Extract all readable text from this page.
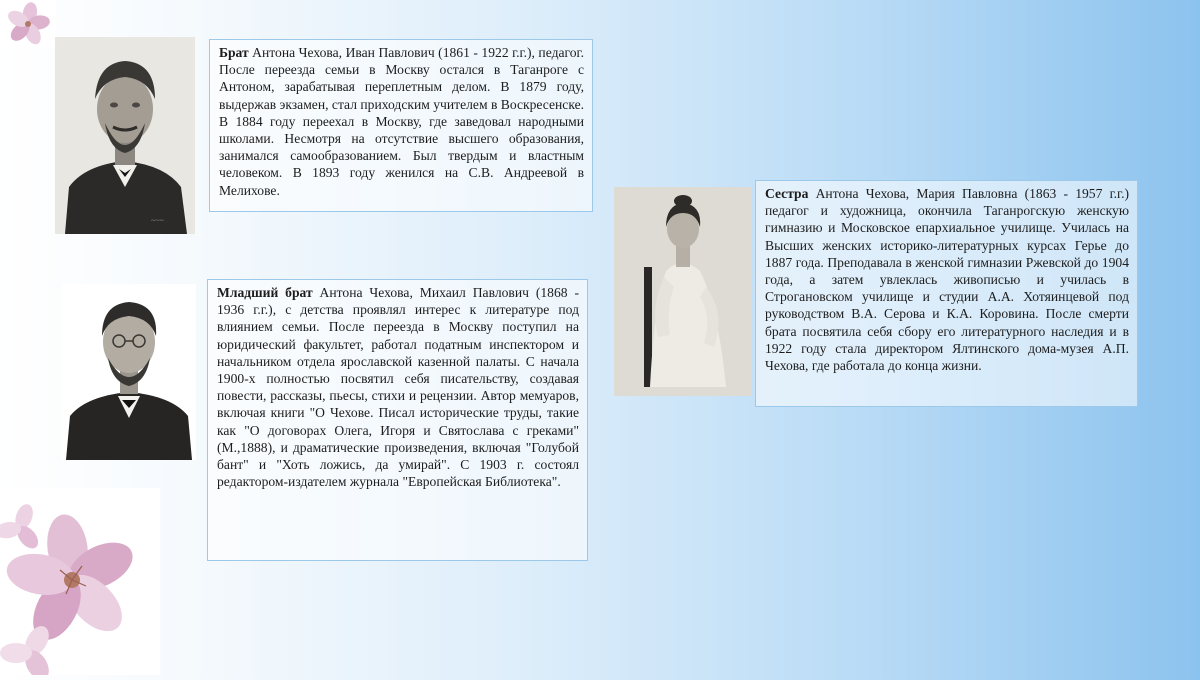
~~~
Брат Антона Чехова, Иван Павлович (1861 - 1922 г.г.), педагог. После переезда семьи в Москву остался в Таганроге с Антоном, зарабатывая переплетным делом. В 1879 году, выдержав экзамен, стал приходским учителем в Воскресенске. В 1884 году переехал в Москву, где заведовал народными школами. Несмотря на отсутствие высшего образования, занимался самообразованием. Был твердым и властным человеком. В 1893 году женился на С.В. Андреевой в Мелихове.
Младший брат Антона Чехова, Михаил Павлович (1868 - 1936 г.г.), с детства проявлял интерес к литературе под влиянием семьи. После переезда в Москву поступил на юридический факультет, работал податным инспектором и начальником отдела ярославской казенной палаты. С начала 1900-х полностью посвятил себя писательству, создавая повести, рассказы, пьесы, стихи и рецензии. Автор мемуаров, включая книги "О Чехове. Писал исторические труды, такие как "О договорах Олега, Игоря и Святослава с греками" (М.,1888), и драматические произведения, включая "Голубой бант" и "Хоть ложись, да умирай". С 1903 г. состоял редактором-издателем журнала "Европейская Библиотека".
Сестра Антона Чехова, Мария Павловна (1863 - 1957 г.г.) педагог и художница, окончила Таганрогскую женскую гимназию и Московское епархиальное училище. Училась на Высших женских историко-литературных курсах Герье до 1887 года. Преподавала в женской гимназии Ржевской до 1904 года, а затем увлеклась живописью и училась в Строгановском училище и студии А.А. Хотяинцевой под руководством В.А. Серова и К.А. Коровина. После смерти брата посвятила себя сбору его литературного наследия и в 1922 году стала директором Ялтинского дома-музея А.П. Чехова, где работала до конца жизни.
